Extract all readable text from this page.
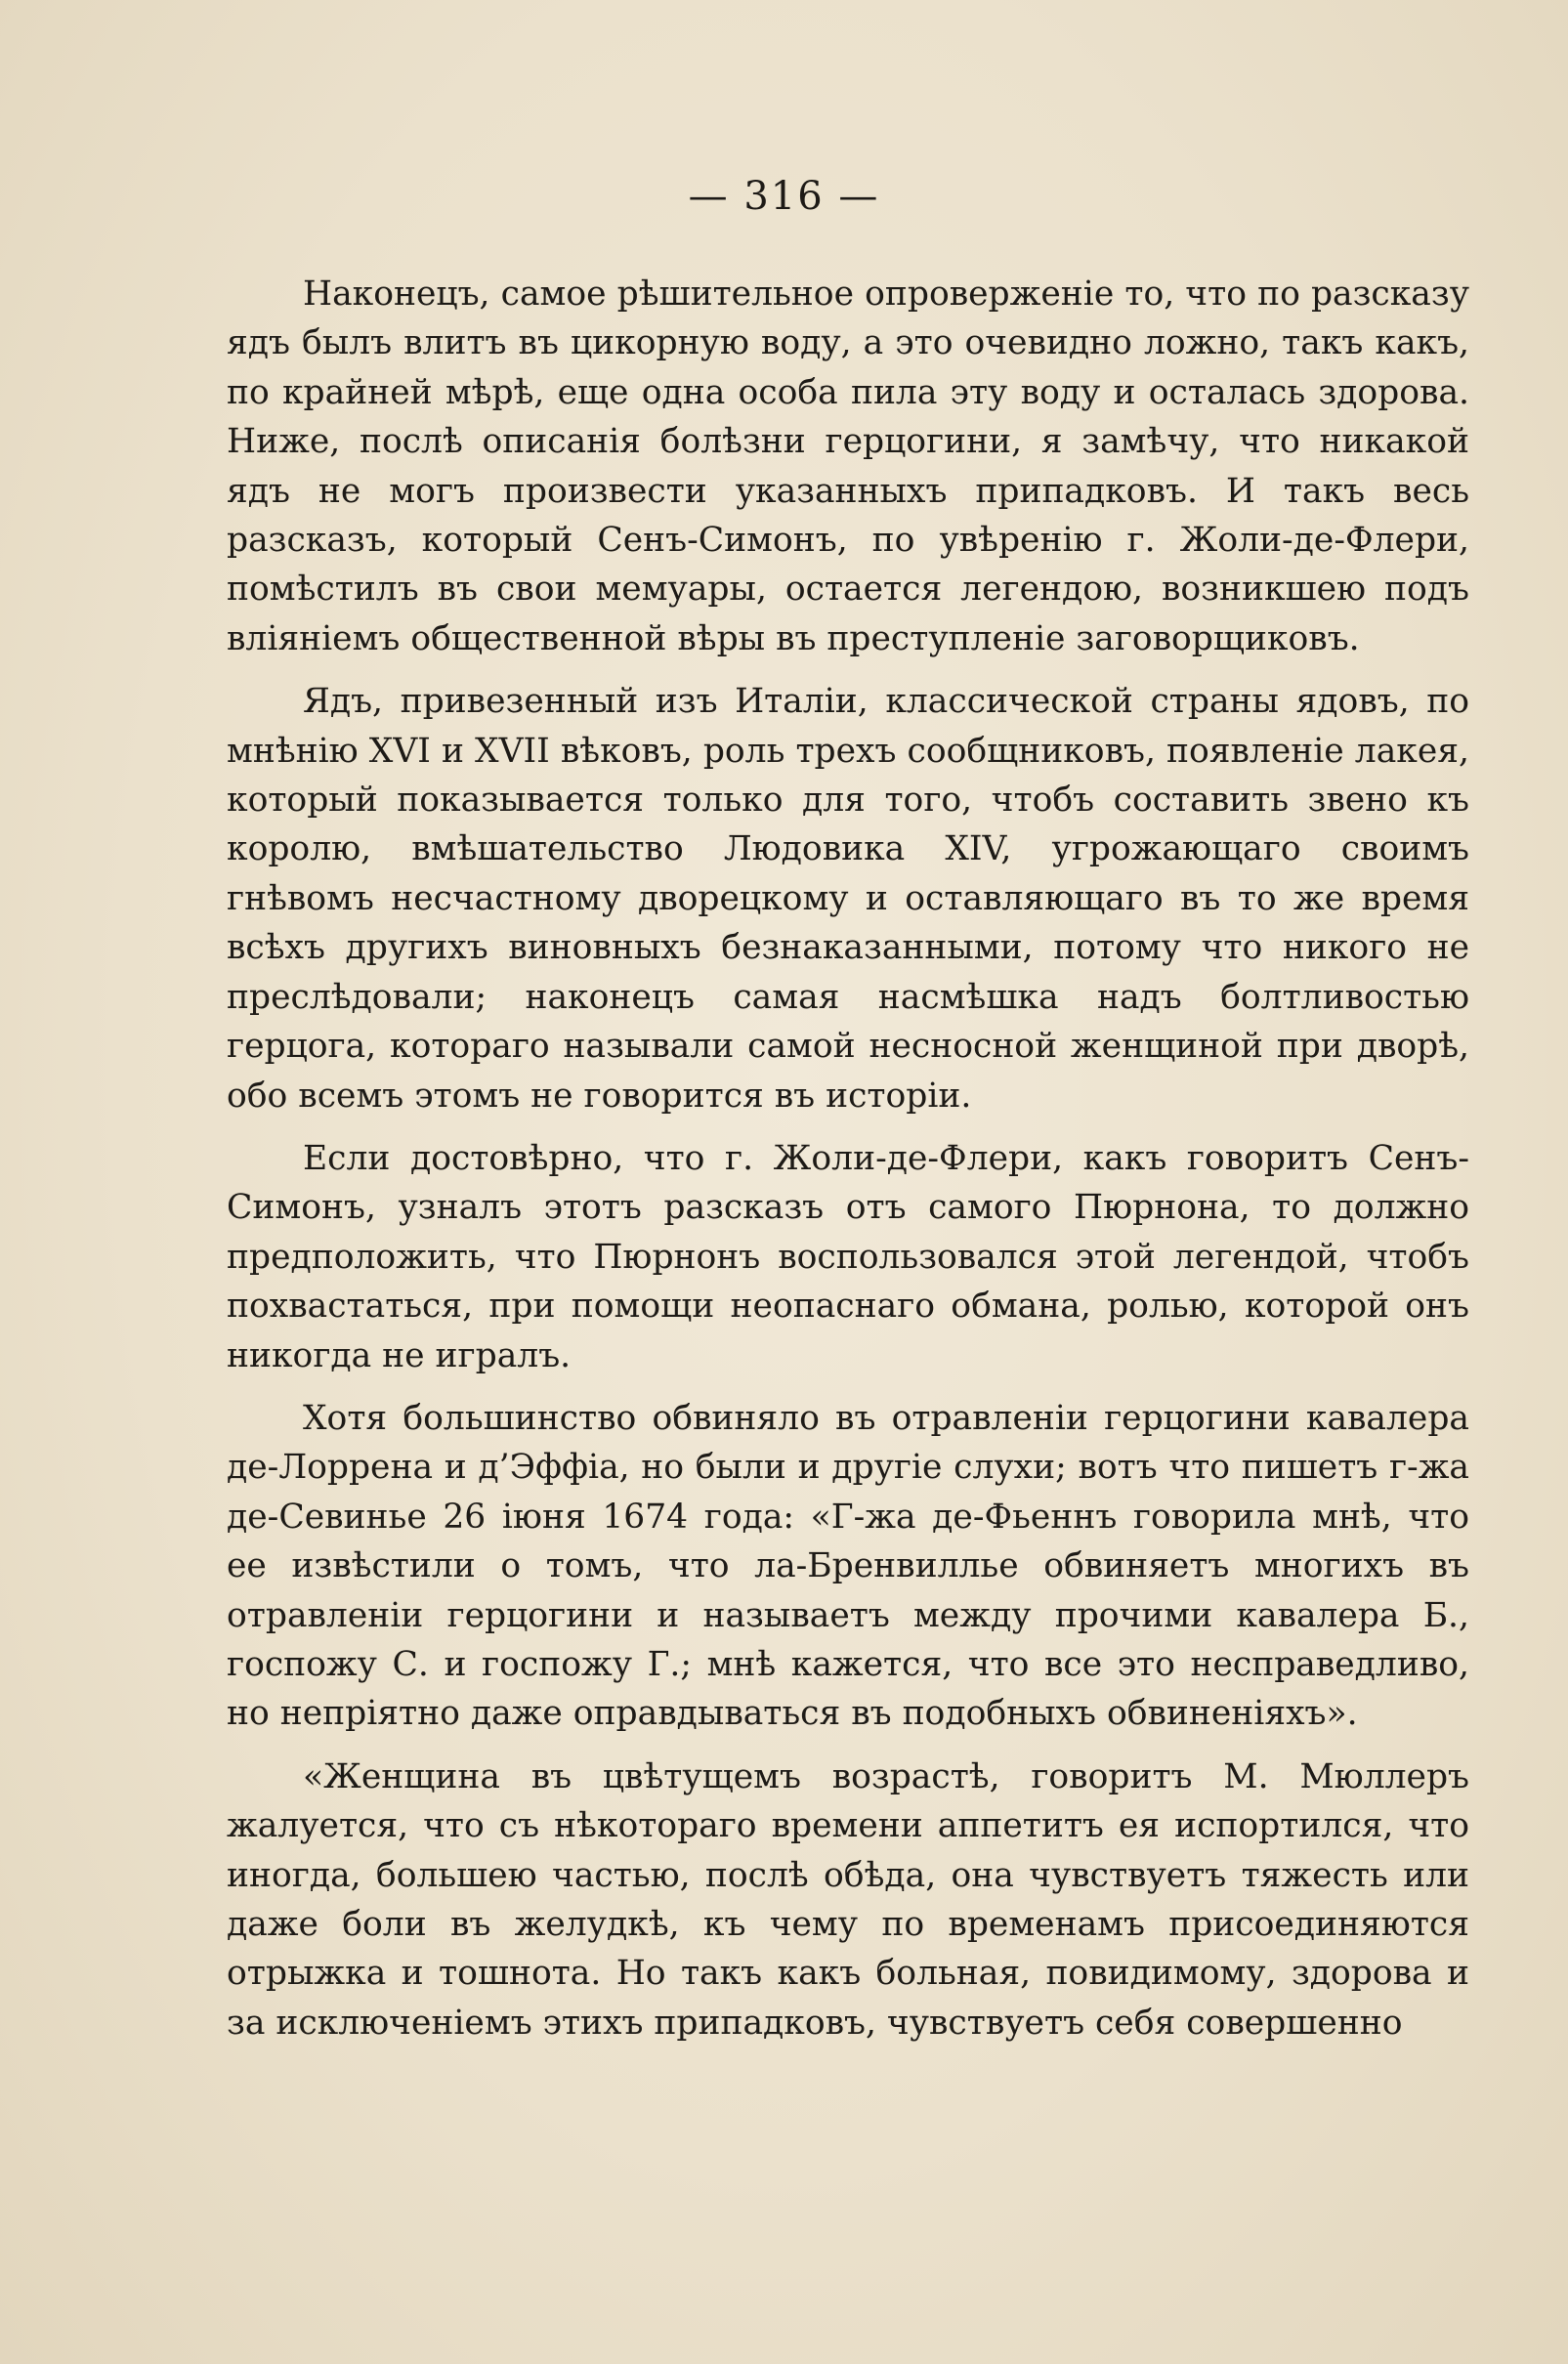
— 316 —

Наконецъ, самое рѣшительное опроверженіе то, что по разсказу ядъ былъ влитъ въ цикорную воду, а это очевидно ложно, такъ какъ, по крайней мѣрѣ, еще одна особа пила эту воду и осталась здорова. Ниже, послѣ описанія болѣзни герцогини, я замѣчу, что никакой ядъ не могъ произвести указанныхъ припадковъ. И такъ весь разсказъ, который Сенъ-Симонъ, по увѣренію г. Жоли-де-Флери, помѣстилъ въ свои мемуары, остается легендою, возникшею подъ вліяніемъ общественной вѣры въ преступленіе заговорщиковъ.

Ядъ, привезенный изъ Италіи, классической страны ядовъ, по мнѣнію XVI и XVII вѣковъ, роль трехъ сообщниковъ, появленіе лакея, который показывается только для того, чтобъ составить звено къ королю, вмѣшательство Людовика XIV, угрожающаго своимъ гнѣвомъ несчастному дворецкому и оставляющаго въ то же время всѣхъ другихъ виновныхъ безнаказанными, потому что никого не преслѣдовали; наконецъ самая насмѣшка надъ болтливостью герцога, котораго называли самой несносной женщиной при дворѣ, обо всемъ этомъ не говорится въ исторіи.

Если достовѣрно, что г. Жоли-де-Флери, какъ говоритъ Сенъ-Симонъ, узналъ этотъ разсказъ отъ самого Пюрнона, то должно предположить, что Пюрнонъ воспользовался этой легендой, чтобъ похвастаться, при помощи неопаснаго обмана, ролью, которой онъ никогда не игралъ.

Хотя большинство обвиняло въ отравленіи герцогини кавалера де-Лоррена и д’Эффіа, но были и другіе слухи; вотъ что пишетъ г-жа де-Севинье 26 іюня 1674 года: «Г-жа де-Фьеннъ говорила мнѣ, что ее извѣстили о томъ, что ла-Бренвилльe обвиняетъ многихъ въ отравленіи герцогини и называетъ между прочими кавалера Б., госпожу С. и госпожу Г.; мнѣ кажется, что все это несправедливо, но непріятно даже оправдываться въ подобныхъ обвиненіяхъ».

«Женщина въ цвѣтущемъ возрастѣ, говоритъ М. Мюллеръ жалуется, что съ нѣкотораго времени аппетитъ ея испортился, что иногда, большею частью, послѣ обѣда, она чувствуетъ тяжесть или даже боли въ желудкѣ, къ чему по временамъ присоединяются отрыжка и тошнота. Но такъ какъ больная, повидимому, здорова и за исключеніемъ этихъ припадковъ, чувствуетъ себя совершенно
